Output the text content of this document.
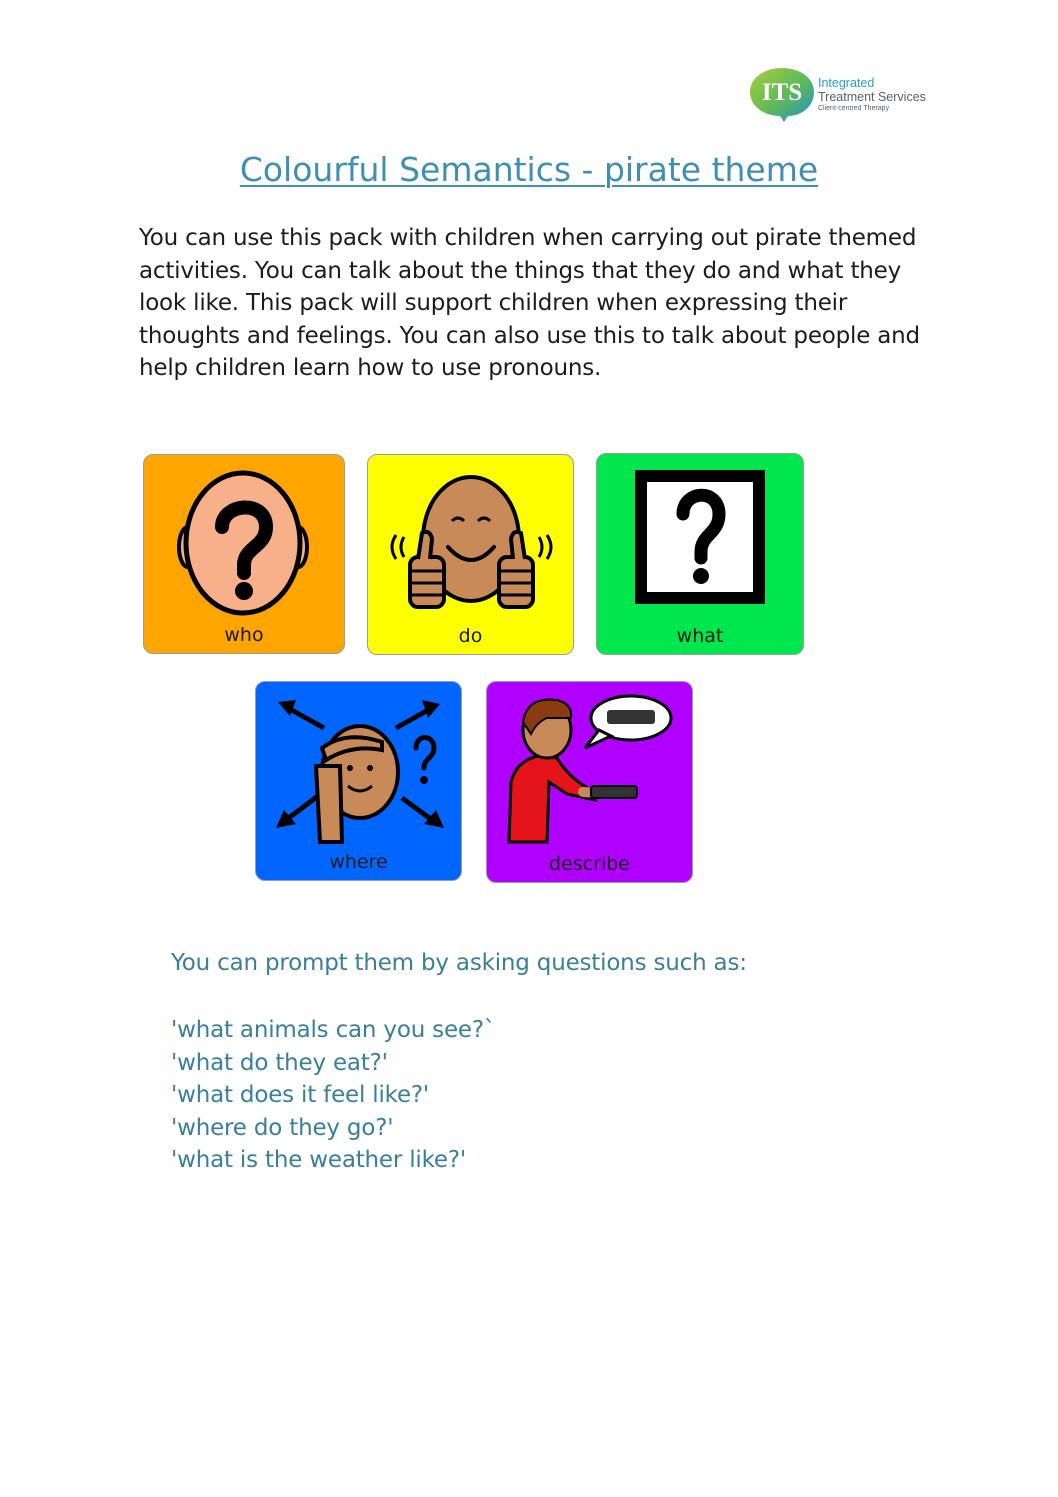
ITS Integrated
Treatment Services
Client-centred Therapy
Colourful Semantics - pirate theme

You can use this pack with children when carrying out pirate themed activities. You can talk about the things that they do and what they look like. This pack will support children when expressing their thoughts and feelings. You can also use this to talk about people and help children learn how to use pronouns.

who	do	what
where	describe

You can prompt them by asking questions such as:

'what animals can you see?`
'what do they eat?'
'what does it feel like?'
'where do they go?'
'what is the weather like?'
